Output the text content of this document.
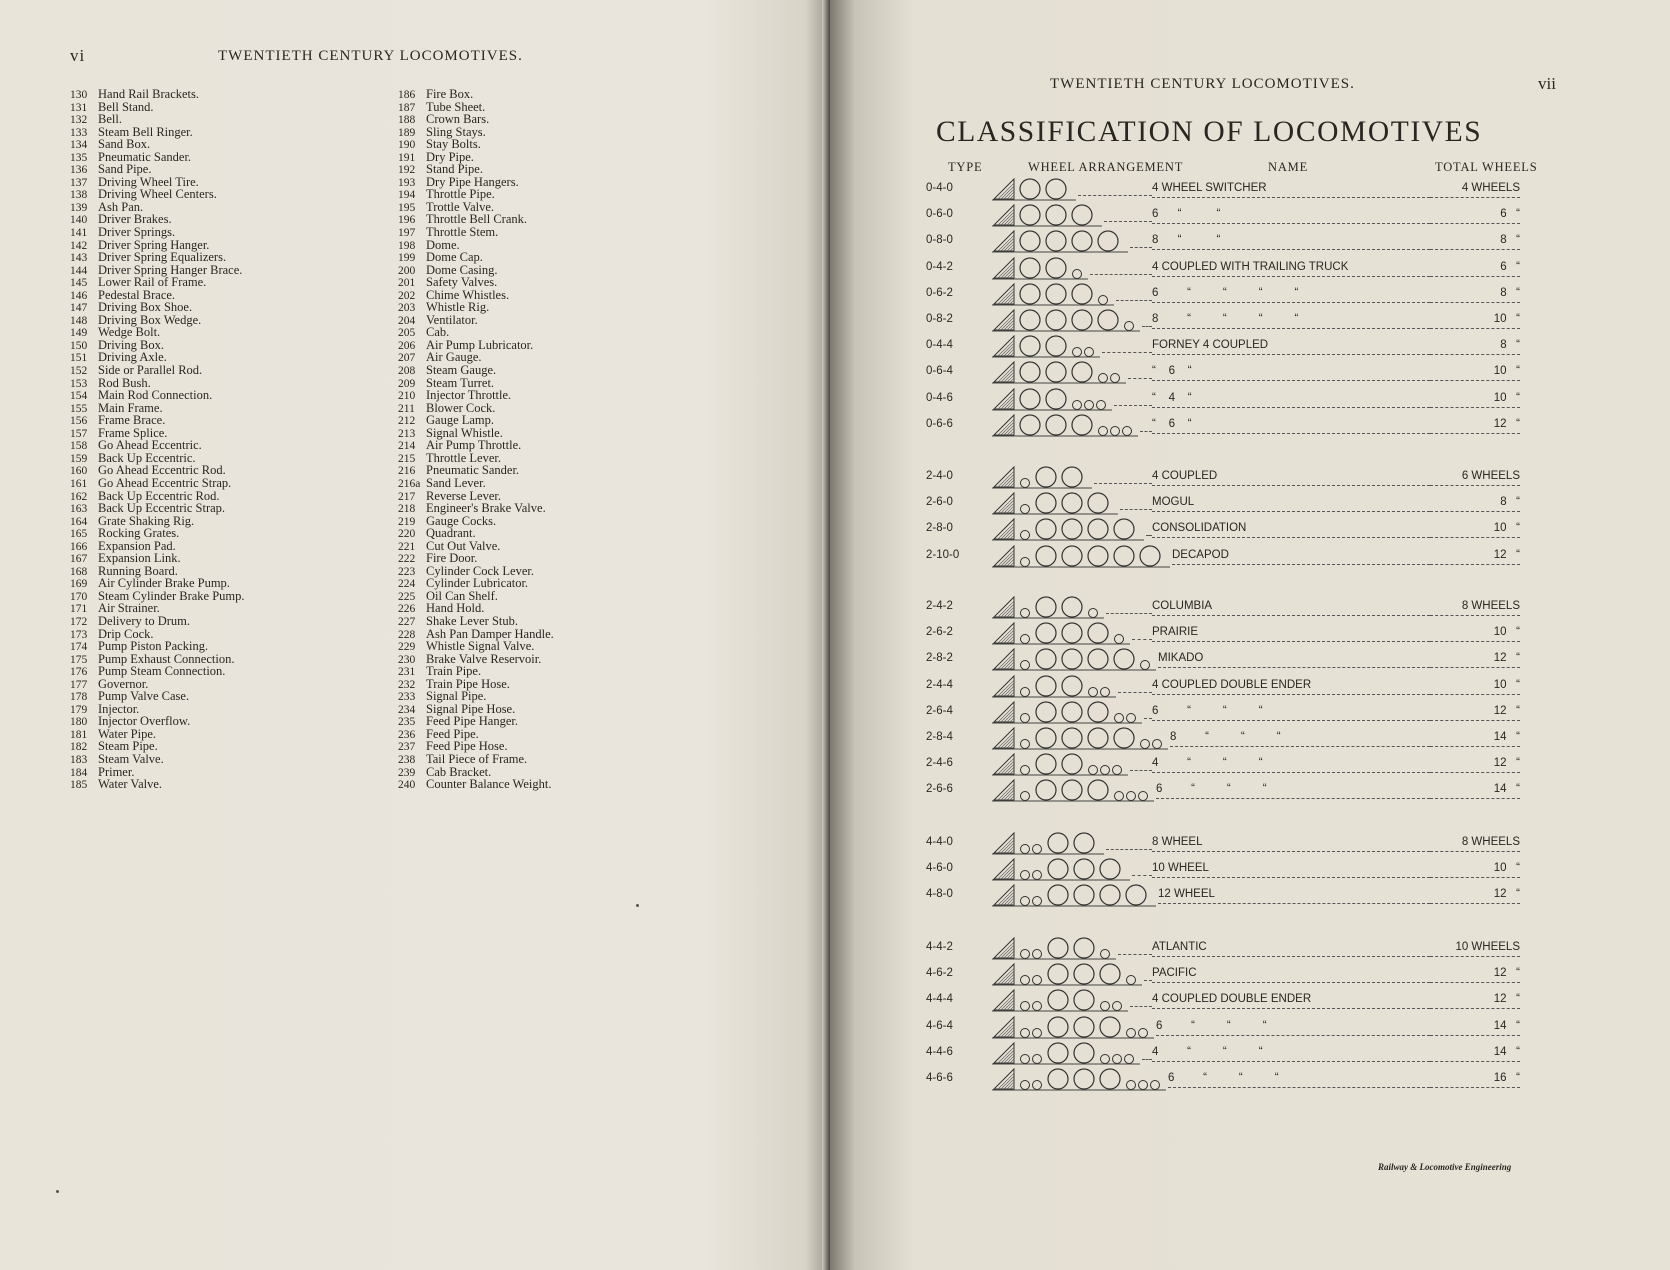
vi	TWENTIETH CENTURY LOCOMOTIVES.
130 Hand Rail Brackets.
131 Bell Stand.
132 Bell.
133 Steam Bell Ringer.
134 Sand Box.
135 Pneumatic Sander.
136 Sand Pipe.
137 Driving Wheel Tire.
138 Driving Wheel Centers.
139 Ash Pan.
140 Driver Brakes.
141 Driver Springs.
142 Driver Spring Hanger.
143 Driver Spring Equalizers.
144 Driver Spring Hanger Brace.
145 Lower Rail of Frame.
146 Pedestal Brace.
147 Driving Box Shoe.
148 Driving Box Wedge.
149 Wedge Bolt.
150 Driving Box.
151 Driving Axle.
152 Side or Parallel Rod.
153 Rod Bush.
154 Main Rod Connection.
155 Main Frame.
156 Frame Brace.
157 Frame Splice.
158 Go Ahead Eccentric.
159 Back Up Eccentric.
160 Go Ahead Eccentric Rod.
161 Go Ahead Eccentric Strap.
162 Back Up Eccentric Rod.
163 Back Up Eccentric Strap.
164 Grate Shaking Rig.
165 Rocking Grates.
166 Expansion Pad.
167 Expansion Link.
168 Running Board.
169 Air Cylinder Brake Pump.
170 Steam Cylinder Brake Pump.
171 Air Strainer.
172 Delivery to Drum.
173 Drip Cock.
174 Pump Piston Packing.
175 Pump Exhaust Connection.
176 Pump Steam Connection.
177 Governor.
178 Pump Valve Case.
179 Injector.
180 Injector Overflow.
181 Water Pipe.
182 Steam Pipe.
183 Steam Valve.
184 Primer.
185 Water Valve.
186 Fire Box.
187 Tube Sheet.
188 Crown Bars.
189 Sling Stays.
190 Stay Bolts.
191 Dry Pipe.
192 Stand Pipe.
193 Dry Pipe Hangers.
194 Throttle Pipe.
195 Trottle Valve.
196 Throttle Bell Crank.
197 Throttle Stem.
198 Dome.
199 Dome Cap.
200 Dome Casing.
201 Safety Valves.
202 Chime Whistles.
203 Whistle Rig.
204 Ventilator.
205 Cab.
206 Air Pump Lubricator.
207 Air Gauge.
208 Steam Gauge.
209 Steam Turret.
210 Injector Throttle.
211 Blower Cock.
212 Gauge Lamp.
213 Signal Whistle.
214 Air Pump Throttle.
215 Throttle Lever.
216 Pneumatic Sander.
216a Sand Lever.
217 Reverse Lever.
218 Engineer's Brake Valve.
219 Gauge Cocks.
220 Quadrant.
221 Cut Out Valve.
222 Fire Door.
223 Cylinder Cock Lever.
224 Cylinder Lubricator.
225 Oil Can Shelf.
226 Hand Hold.
227 Shake Lever Stub.
228 Ash Pan Damper Handle.
229 Whistle Signal Valve.
230 Brake Valve Reservoir.
231 Train Pipe.
232 Train Pipe Hose.
233 Signal Pipe.
234 Signal Pipe Hose.
235 Feed Pipe Hanger.
236 Feed Pipe.
237 Feed Pipe Hose.
238 Tail Piece of Frame.
239 Cab Bracket.
240 Counter Balance Weight.
TWENTIETH CENTURY LOCOMOTIVES.	vii
CLASSIFICATION OF LOCOMOTIVES
TYPE	WHEEL ARRANGEMENT	NAME	TOTAL WHEELS
0-4-0	4 WHEEL SWITCHER	4 WHEELS
0-6-0	6      “           “	6   “
0-8-0	8      “           “	8   “
0-4-2	4 COUPLED WITH TRAILING TRUCK	6   “
0-6-2	6         “          “          “          “	8   “
0-8-2	8         “          “          “          “	10   “
0-4-4	FORNEY 4 COUPLED	8   “
0-6-4	“    6    “	10   “
0-4-6	“    4    “	10   “
0-6-6	“    6    “	12   “
2-4-0	4 COUPLED	6 WHEELS
2-6-0	MOGUL	8   “
2-8-0	CONSOLIDATION	10   “
2-10-0	DECAPOD	12   “
2-4-2	COLUMBIA	8 WHEELS
2-6-2	PRAIRIE	10   “
2-8-2	MIKADO	12   “
2-4-4	4 COUPLED DOUBLE ENDER	10   “
2-6-4	6         “          “          “	12   “
2-8-4	8         “          “          “	14   “
2-4-6	4         “          “          “	12   “
2-6-6	6         “          “          “	14   “
4-4-0	8 WHEEL	8 WHEELS
4-6-0	10 WHEEL	10   “
4-8-0	12 WHEEL	12   “
4-4-2	ATLANTIC	10 WHEELS
4-6-2	PACIFIC	12   “
4-4-4	4 COUPLED DOUBLE ENDER	12   “
4-6-4	6         “          “          “	14   “
4-4-6	4         “          “          “	14   “
4-6-6	6         “          “          “	16   “
Railway & Locomotive Engineering
